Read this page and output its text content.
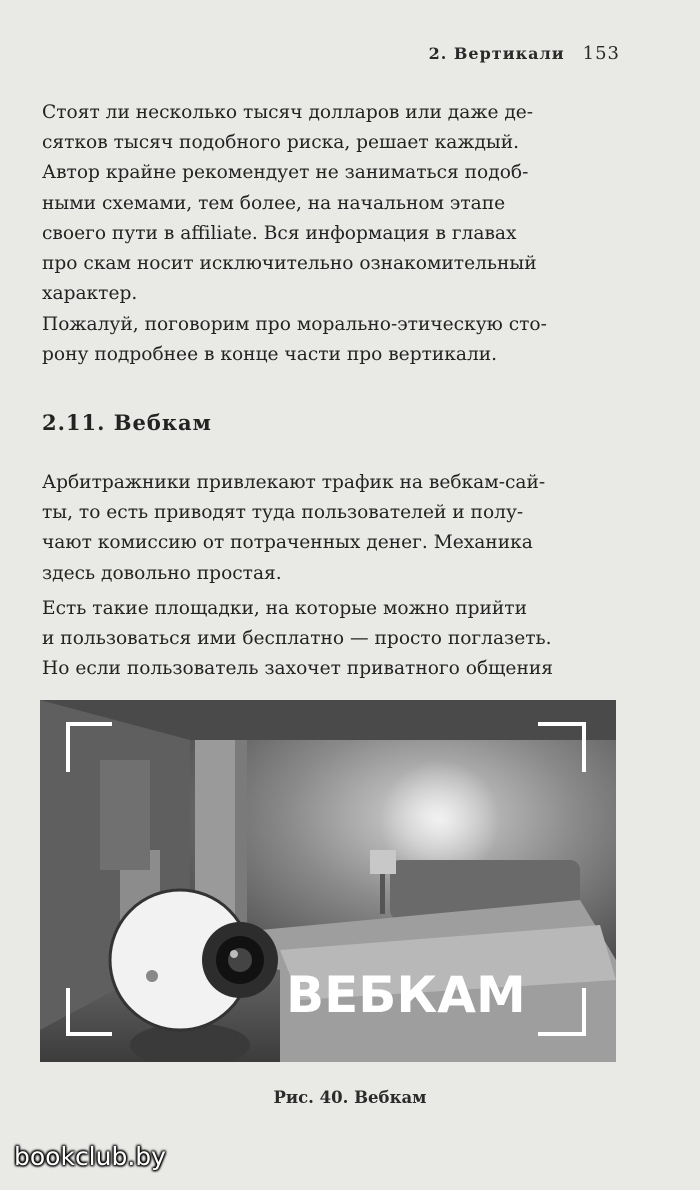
2. Вертикали 153

Стоят ли несколько тысяч долларов или даже де-

сятков тысяч подобного риска, решает каждый.

Автор крайне рекомендует не заниматься подоб-

ными схемами, тем более, на начальном этапе

своего пути в affiliate. Вся информация в главах

про скам носит исключительно ознакомительный

характер.

Пожалуй, поговорим про морально-этическую сто-

рону подробнее в конце части про вертикали.

2.11. Вебкам

Арбитражники привлекают трафик на вебкам-сай-

ты, то есть приводят туда пользователей и полу-

чают комиссию от потраченных денег. Механика

здесь довольно простая.

Есть такие площадки, на которые можно прийти

и пользоваться ими бесплатно — просто поглазеть.

Но если пользователь захочет приватного общения

ВЕБКАМ
Рис. 40. Вебкам
bookclub.by
